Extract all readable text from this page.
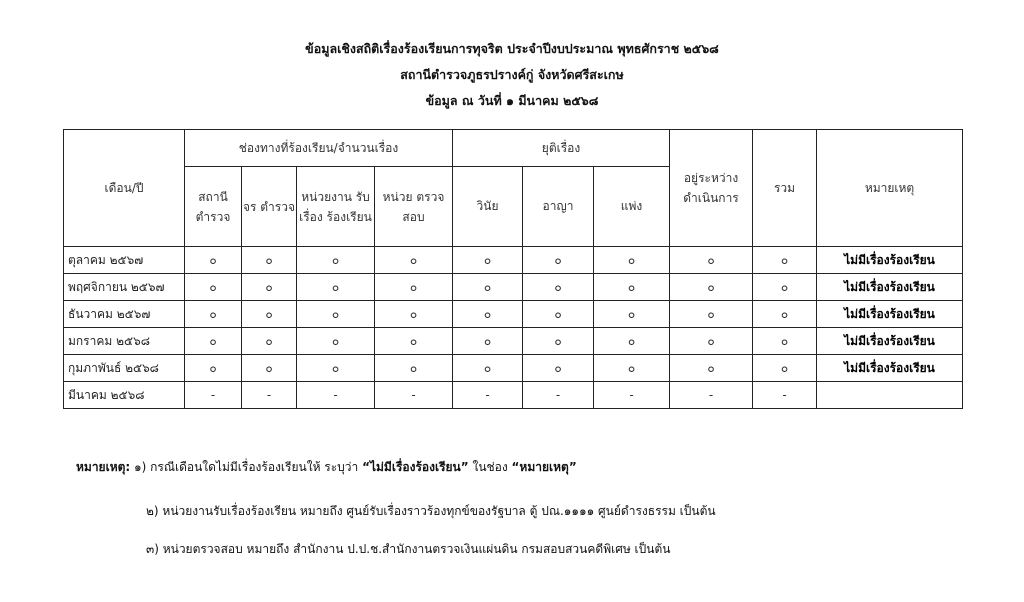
ข้อมูลเชิงสถิติเรื่องร้องเรียนการทุจริต ประจำปีงบประมาณ พุทธศักราช ๒๕๖๘
สถานีตำรวจภูธรปรางค์กู่ จังหวัดศรีสะเกษ
ข้อมูล ณ วันที่ ๑ มีนาคม ๒๕๖๘
เดือน/ปี	ช่องทางที่ร้องเรียน/จำนวนเรื่อง				ยุติเรื่อง			อยู่ระหว่าง ดำเนินการ	รวม	หมายเหตุ
	สถานี ตำรวจ	จร ตำรวจ	หน่วยงาน รับเรื่อง ร้องเรียน	หน่วย ตรวจสอบ	วินัย	อาญา	แพ่ง			
ตุลาคม ๒๕๖๗	๐	๐	๐	๐	๐	๐	๐	๐	๐	ไม่มีเรื่องร้องเรียน
พฤศจิกายน ๒๕๖๗	๐	๐	๐	๐	๐	๐	๐	๐	๐	ไม่มีเรื่องร้องเรียน
ธันวาคม ๒๕๖๗	๐	๐	๐	๐	๐	๐	๐	๐	๐	ไม่มีเรื่องร้องเรียน
มกราคม ๒๕๖๘	๐	๐	๐	๐	๐	๐	๐	๐	๐	ไม่มีเรื่องร้องเรียน
กุมภาพันธ์ ๒๕๖๘	๐	๐	๐	๐	๐	๐	๐	๐	๐	ไม่มีเรื่องร้องเรียน
มีนาคม ๒๕๖๘	-	-	-	-	-	-	-	-	-	
หมายเหตุ: ๑) กรณีเดือนใดไม่มีเรื่องร้องเรียนให้ ระบุว่า “ไม่มีเรื่องร้องเรียน” ในช่อง “หมายเหตุ”
๒) หน่วยงานรับเรื่องร้องเรียน หมายถึง ศูนย์รับเรื่องราวร้องทุกข์ของรัฐบาล ตู้ ปณ.๑๑๑๑ ศูนย์ดำรงธรรม เป็นต้น
๓) หน่วยตรวจสอบ หมายถึง สำนักงาน ป.ป.ช.สำนักงานตรวจเงินแผ่นดิน กรมสอบสวนคดีพิเศษ เป็นต้น
